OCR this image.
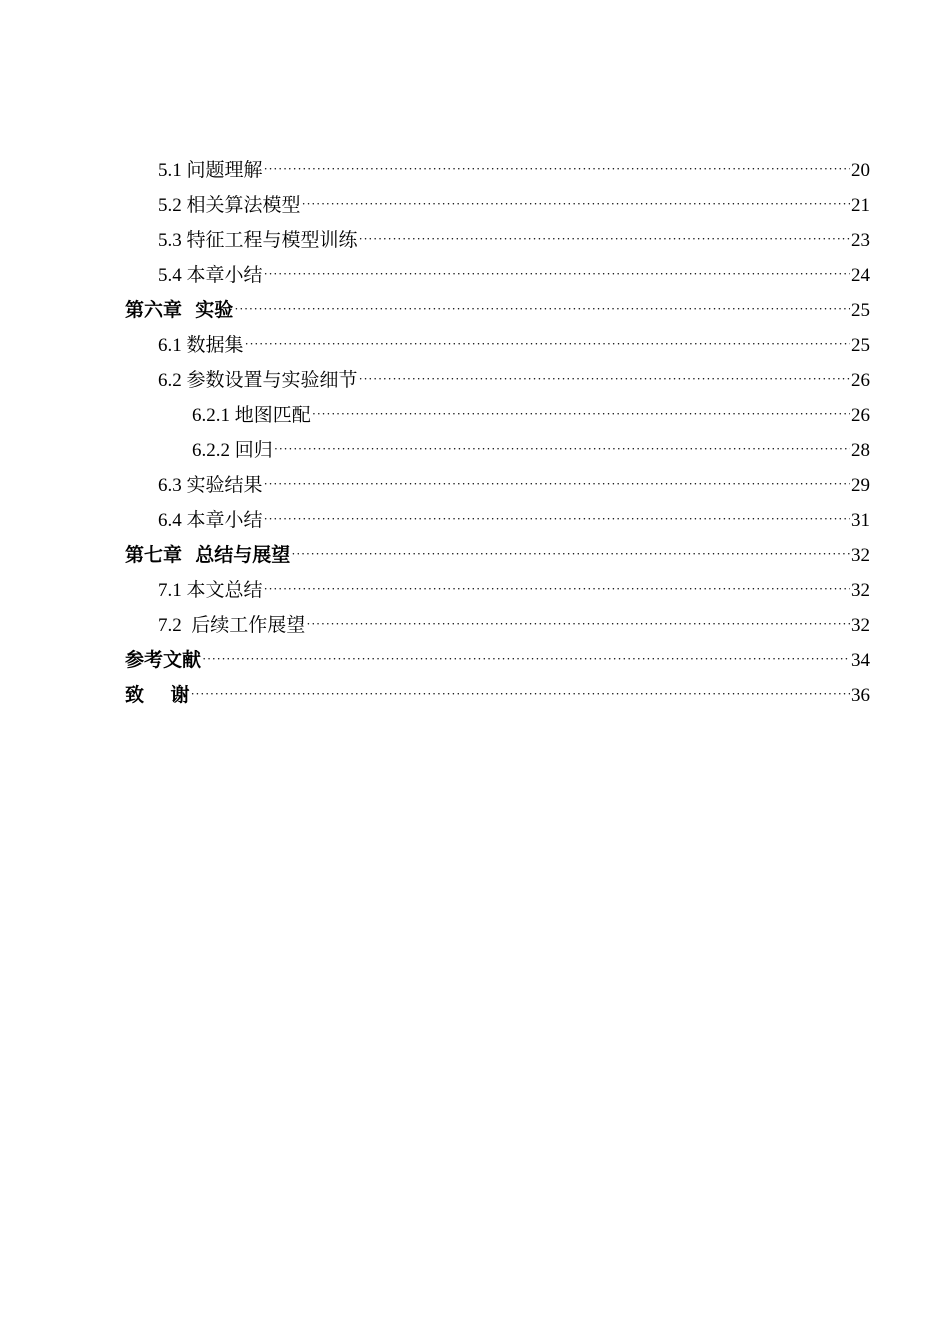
5.1 问题理解 ·····	20
5.2 相关算法模型 ·····	21
5.3 特征工程与模型训练 ·····	23
5.4 本章小结 ·····	24
第六章  实验 ·····	25
6.1 数据集 ·····	25
6.2 参数设置与实验细节 ·····	26
6.2.1 地图匹配 ·····	26
6.2.2 回归 ·····	28
6.3 实验结果 ·····	29
6.4 本章小结 ·····	31
第七章  总结与展望 ·····	32
7.1 本文总结 ·····	32
7.2  后续工作展望 ·····	32
参考文献 ·····	34
致    谢 ·····	36
